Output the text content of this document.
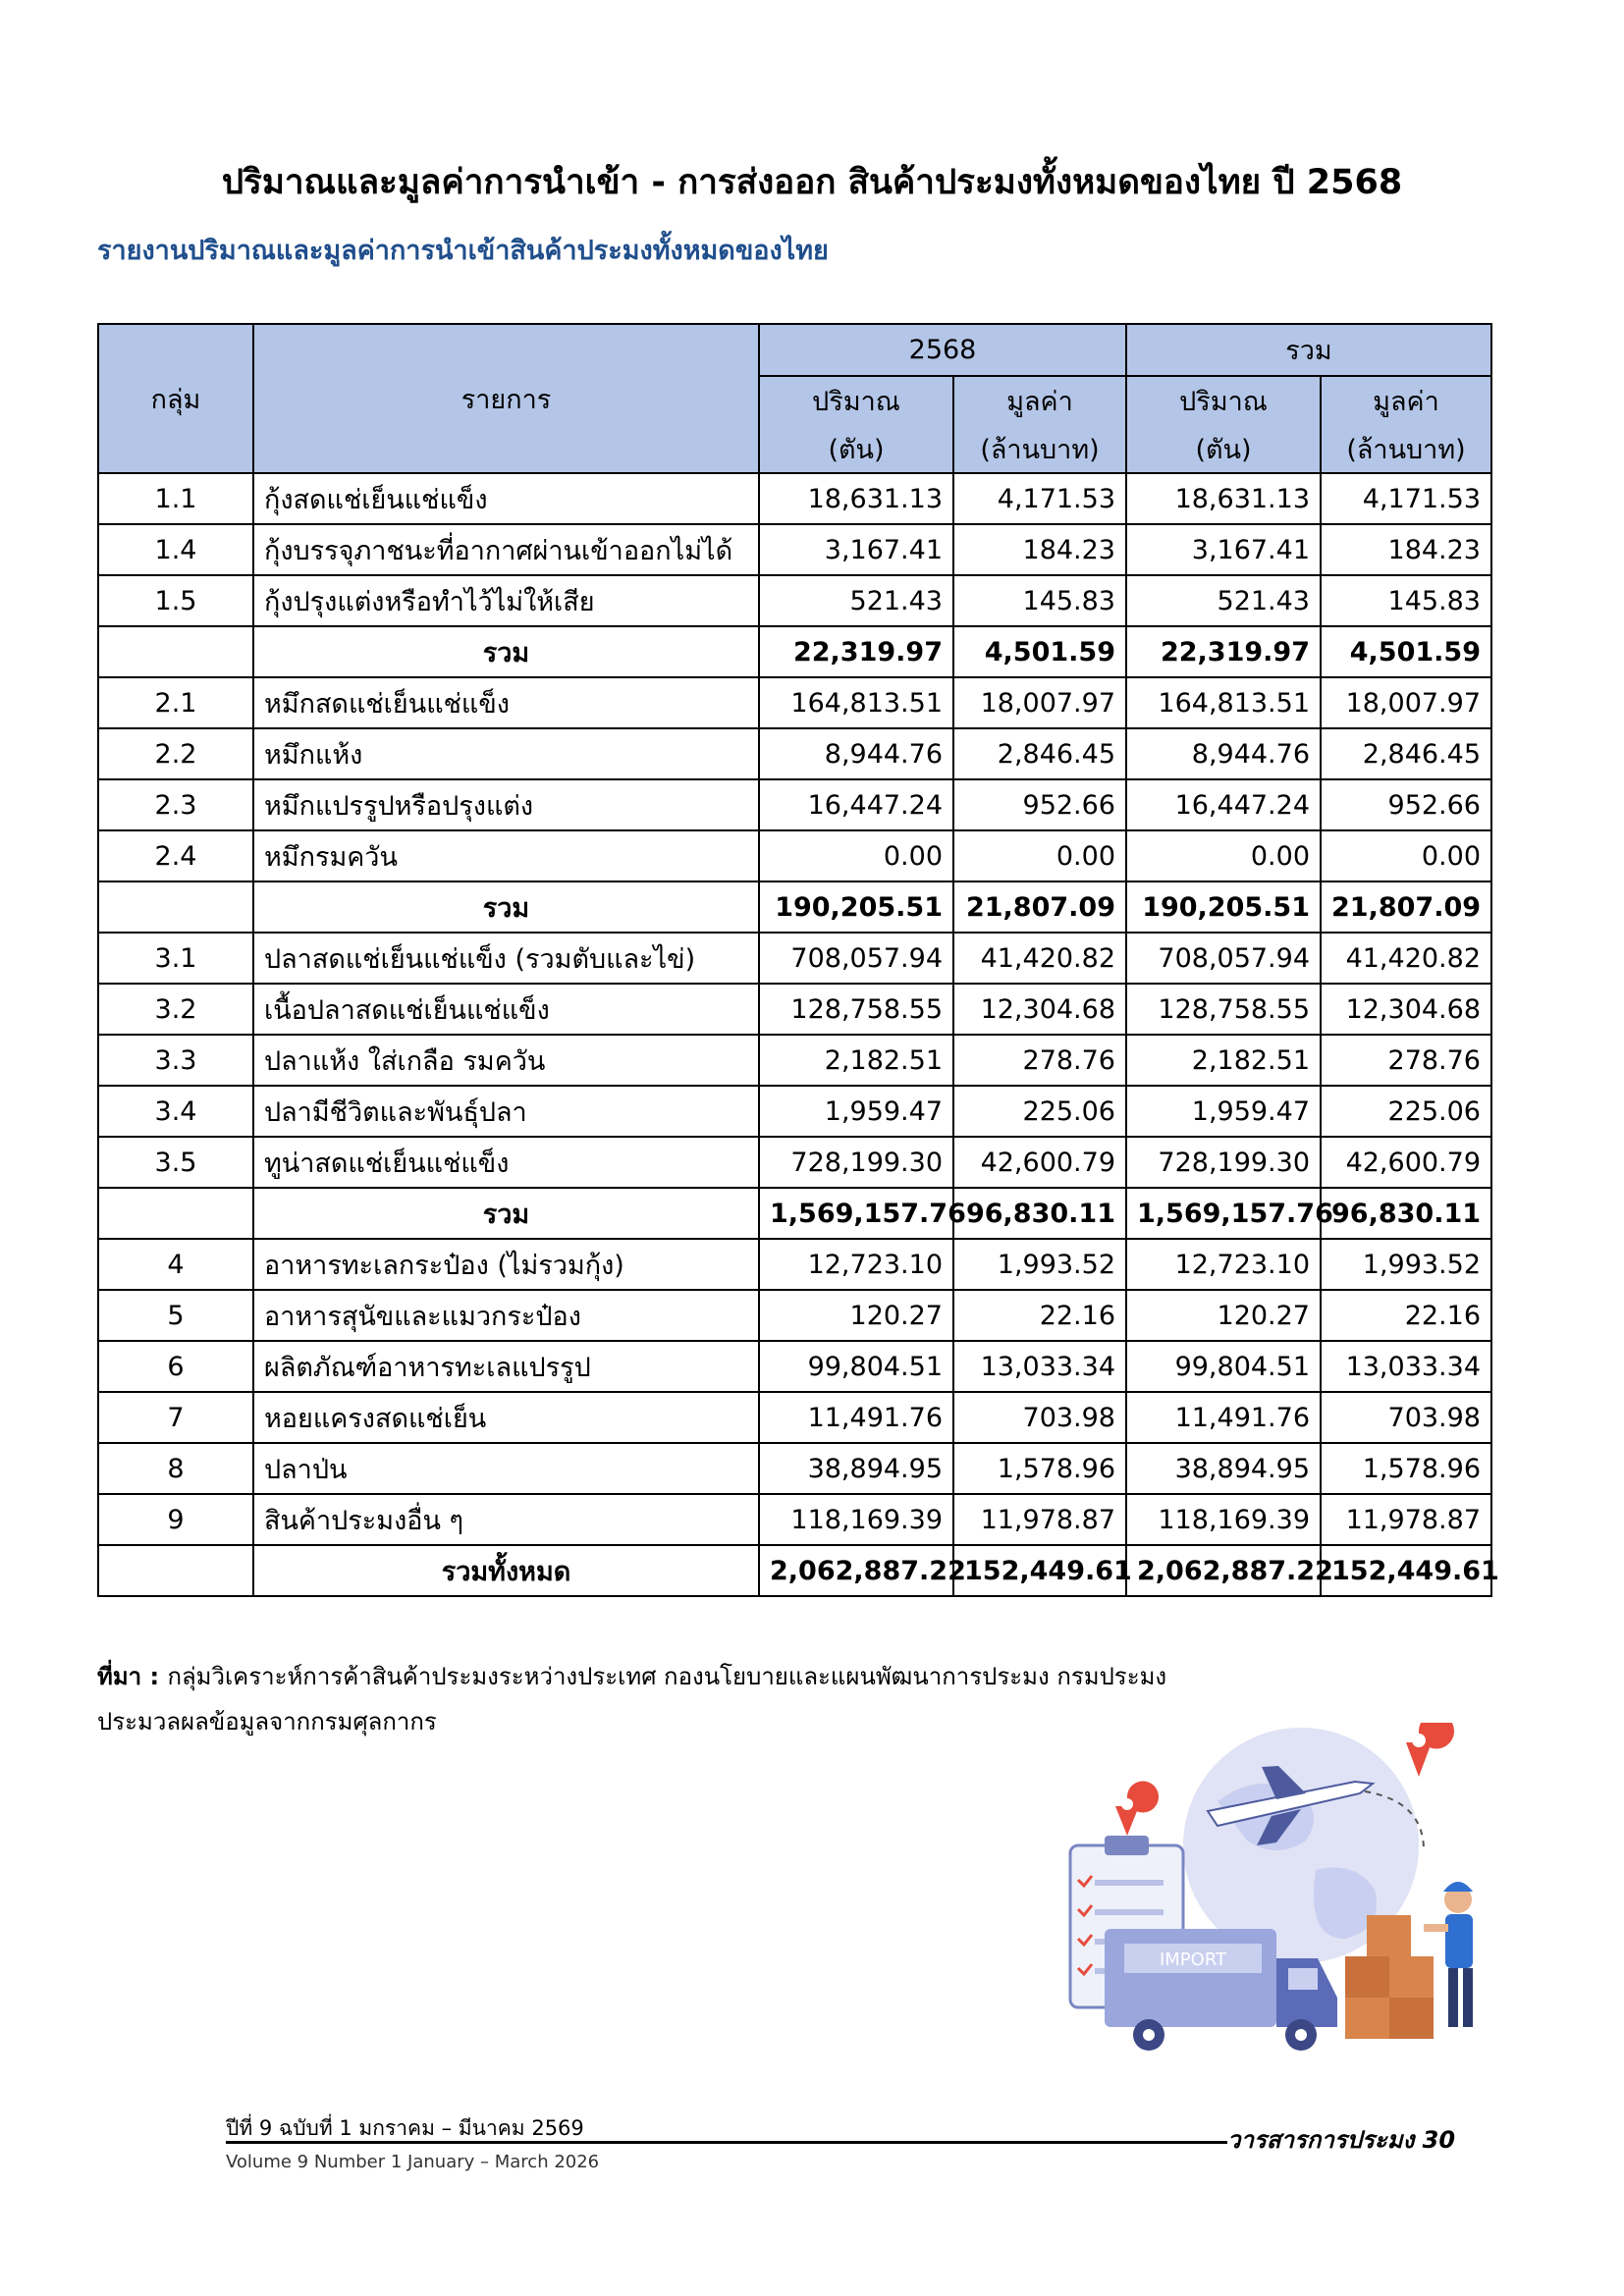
ปริมาณและมูลค่าการนำเข้า - การส่งออก สินค้าประมงทั้งหมดของไทย ปี 2568
รายงานปริมาณและมูลค่าการนำเข้าสินค้าประมงทั้งหมดของไทย
กลุ่ม	รายการ	2568		รวม	
		ปริมาณ	มูลค่า	ปริมาณ	มูลค่า
		(ตัน)	(ล้านบาท)	(ตัน)	(ล้านบาท)
1.1	กุ้งสดแช่เย็นแช่แข็ง	18,631.13	4,171.53	18,631.13	4,171.53
1.4	กุ้งบรรจุภาชนะที่อากาศผ่านเข้าออกไม่ได้	3,167.41	184.23	3,167.41	184.23
1.5	กุ้งปรุงแต่งหรือทำไว้ไม่ให้เสีย	521.43	145.83	521.43	145.83
	รวม	22,319.97	4,501.59	22,319.97	4,501.59
2.1	หมึกสดแช่เย็นแช่แข็ง	164,813.51	18,007.97	164,813.51	18,007.97
2.2	หมึกแห้ง	8,944.76	2,846.45	8,944.76	2,846.45
2.3	หมึกแปรรูปหรือปรุงแต่ง	16,447.24	952.66	16,447.24	952.66
2.4	หมึกรมควัน	0.00	0.00	0.00	0.00
	รวม	190,205.51	21,807.09	190,205.51	21,807.09
3.1	ปลาสดแช่เย็นแช่แข็ง (รวมตับและไข่)	708,057.94	41,420.82	708,057.94	41,420.82
3.2	เนื้อปลาสดแช่เย็นแช่แข็ง	128,758.55	12,304.68	128,758.55	12,304.68
3.3	ปลาแห้ง ใส่เกลือ รมควัน	2,182.51	278.76	2,182.51	278.76
3.4	ปลามีชีวิตและพันธุ์ปลา	1,959.47	225.06	1,959.47	225.06
3.5	ทูน่าสดแช่เย็นแช่แข็ง	728,199.30	42,600.79	728,199.30	42,600.79
	รวม	1,569,157.76	96,830.11	1,569,157.76	96,830.11
4	อาหารทะเลกระป๋อง (ไม่รวมกุ้ง)	12,723.10	1,993.52	12,723.10	1,993.52
5	อาหารสุนัขและแมวกระป๋อง	120.27	22.16	120.27	22.16
6	ผลิตภัณฑ์อาหารทะเลแปรรูป	99,804.51	13,033.34	99,804.51	13,033.34
7	หอยแครงสดแช่เย็น	11,491.76	703.98	11,491.76	703.98
8	ปลาป่น	38,894.95	1,578.96	38,894.95	1,578.96
9	สินค้าประมงอื่น ๆ	118,169.39	11,978.87	118,169.39	11,978.87
	รวมทั้งหมด	2,062,887.22	152,449.61	2,062,887.22	152,449.61
ที่มา : กลุ่มวิเคราะห์การค้าสินค้าประมงระหว่างประเทศ กองนโยบายและแผนพัฒนาการประมง กรมประมง
ประมวลผลข้อมูลจากกรมศุลกากร
IMPORT
ปีที่ 9 ฉบับที่ 1 มกราคม – มีนาคม 2569
Volume 9 Number 1 January – March 2026
วารสารการประมง 30
